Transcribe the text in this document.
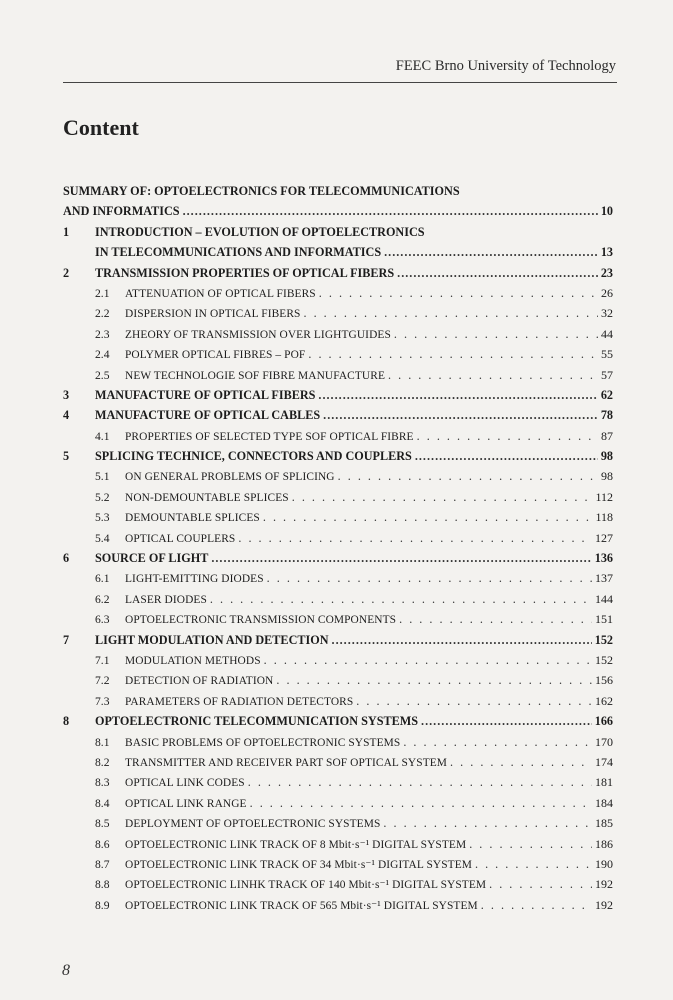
FEEC Brno University of Technology
Content
SUMMARY OF: OPTOELECTRONICS FOR TELECOMMUNICATIONS
AND INFORMATICS .....	10
1	INTRODUCTION – EVOLUTION OF OPTOELECTRONICS
IN TELECOMMUNICATIONS AND INFORMATICS .....	13
2	TRANSMISSION PROPERTIES OF OPTICAL FIBERS .....	23
2.1	ATTENUATION OF OPTICAL FIBERS . . .	26
2.2	DISPERSION IN OPTICAL FIBERS . . .	32
2.3	ZHEORY OF TRANSMISSION OVER LIGHTGUIDES . . .	44
2.4	POLYMER OPTICAL FIBRES – POF . . .	55
2.5	NEW TECHNOLOGIE SOF FIBRE MANUFACTURE . . .	57
3	MANUFACTURE OF OPTICAL FIBERS .....	62
4	MANUFACTURE OF OPTICAL CABLES .....	78
4.1	PROPERTIES OF SELECTED TYPE SOF OPTICAL FIBRE . . .	87
5	SPLICING TECHNICE, CONNECTORS AND COUPLERS .....	98
5.1	ON GENERAL PROBLEMS OF SPLICING . . .	98
5.2	NON-DEMOUNTABLE SPLICES . . .	112
5.3	DEMOUNTABLE SPLICES . . .	118
5.4	OPTICAL COUPLERS . . .	127
6	SOURCE OF LIGHT .....	136
6.1	LIGHT-EMITTING DIODES . . .	137
6.2	LASER DIODES . . .	144
6.3	OPTOELECTRONIC TRANSMISSION COMPONENTS . . .	151
7	LIGHT MODULATION AND DETECTION .....	152
7.1	MODULATION METHODS . . .	152
7.2	DETECTION OF RADIATION . . .	156
7.3	PARAMETERS OF RADIATION DETECTORS . . .	162
8	OPTOELECTRONIC TELECOMMUNICATION SYSTEMS .....	166
8.1	BASIC PROBLEMS OF OPTOELECTRONIC SYSTEMS . . .	170
8.2	TRANSMITTER AND RECEIVER PART SOF OPTICAL SYSTEM . . .	174
8.3	OPTICAL LINK CODES . . .	181
8.4	OPTICAL LINK RANGE . . .	184
8.5	DEPLOYMENT OF OPTOELECTRONIC SYSTEMS . . .	185
8.6	OPTOELECTRONIC LINK TRACK OF 8 Mbit·s⁻¹ DIGITAL SYSTEM . . .	186
8.7	OPTOELECTRONIC LINK TRACK OF 34 Mbit·s⁻¹ DIGITAL SYSTEM . . .	190
8.8	OPTOELECTRONIC LINHK TRACK OF 140 Mbit·s⁻¹ DIGITAL SYSTEM . . .	192
8.9	OPTOELECTRONIC LINK TRACK OF 565 Mbit·s⁻¹ DIGITAL SYSTEM . . .	192
8
